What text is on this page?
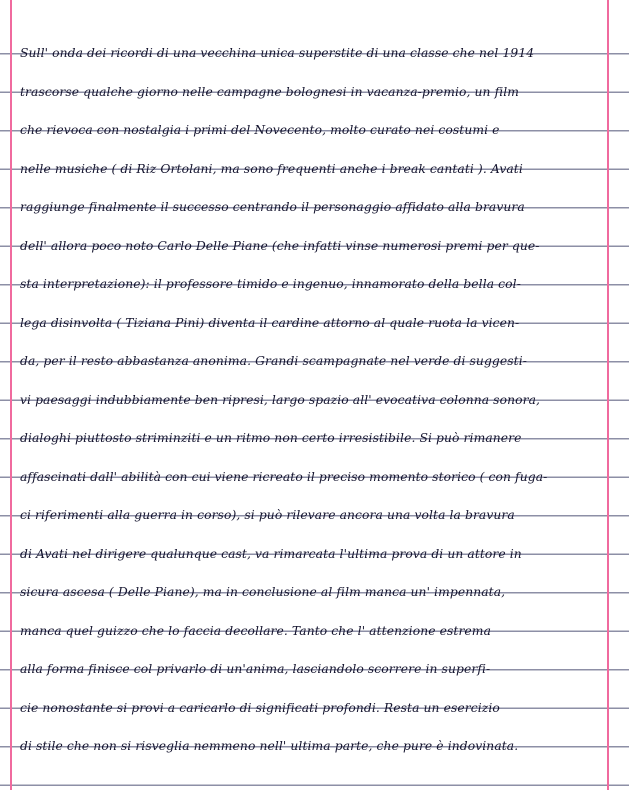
Sull' onda dei ricordi di una vecchina unica superstite di una classe che nel 1914
trascorse qualche giorno nelle campagne bolognesi in vacanza-premio, un film
che rievoca con nostalgia i primi del Novecento, molto curato nei costumi e
nelle musiche ( di Riz Ortolani, ma sono frequenti anche i break cantati ). Avati
raggiunge finalmente il successo centrando il personaggio affidato alla bravura
dell' allora poco noto Carlo Delle Piane (che infatti vinse numerosi premi per que-
sta interpretazione): il professore timido e ingenuo, innamorato della bella col-
lega disinvolta ( Tiziana Pini) diventa il cardine attorno al quale ruota la vicen-
da, per il resto abbastanza anonima. Grandi scampagnate nel verde di suggesti-
vi paesaggi indubbiamente ben ripresi, largo spazio all' evocativa colonna sonora,
dialoghi piuttosto striminziti e un ritmo non certo irresistibile. Si può rimanere
affascinati dall' abilità con cui viene ricreato il preciso momento storico ( con fuga-
ci riferimenti alla guerra in corso), si può rilevare ancora una volta la bravura
di Avati nel dirigere qualunque cast, va rimarcata l'ultima prova di un attore in
sicura ascesa ( Delle Piane), ma in conclusione al film manca un' impennata,
manca quel guizzo che lo faccia decollare. Tanto che l' attenzione estrema
alla forma finisce col privarlo di un'anima, lasciandolo scorrere in superfi-
cie nonostante si provi a caricarlo di significati profondi. Resta un esercizio
di stile che non si risveglia nemmeno nell' ultima parte, che pure è indovinata.
